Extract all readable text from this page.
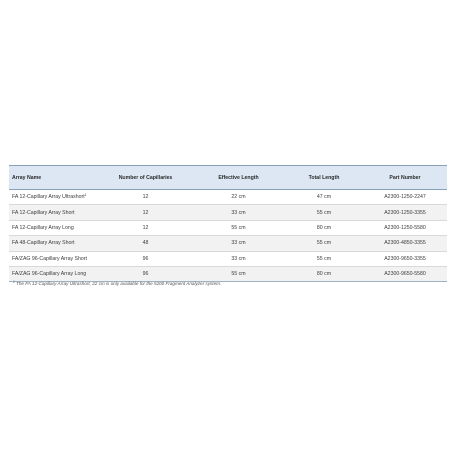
Array Name	Number of Capillaries	Effective Length	Total Length	Part Number
FA 12-Capillary Array Ultrashort$^1$	12	22 cm	47 cm	A2300-1250-2247
FA 12-Capillary Array Short	12	33 cm	55 cm	A2300-1250-3355
FA 12-Capillary Array Long	12	55 cm	80 cm	A2300-1250-5580
FA 48-Capillary Array Short	48	33 cm	55 cm	A2300-4850-3355
FA/ZAG 96-Capillary Array Short	96	33 cm	55 cm	A2300-9650-3355
FA/ZAG 96-Capillary Array Long	96	55 cm	80 cm	A2300-9650-5580
$^1$ The FA 12-Capillary Array Ultrashort, 22 cm is only available for the 5200 Fragment Analyzer system.
